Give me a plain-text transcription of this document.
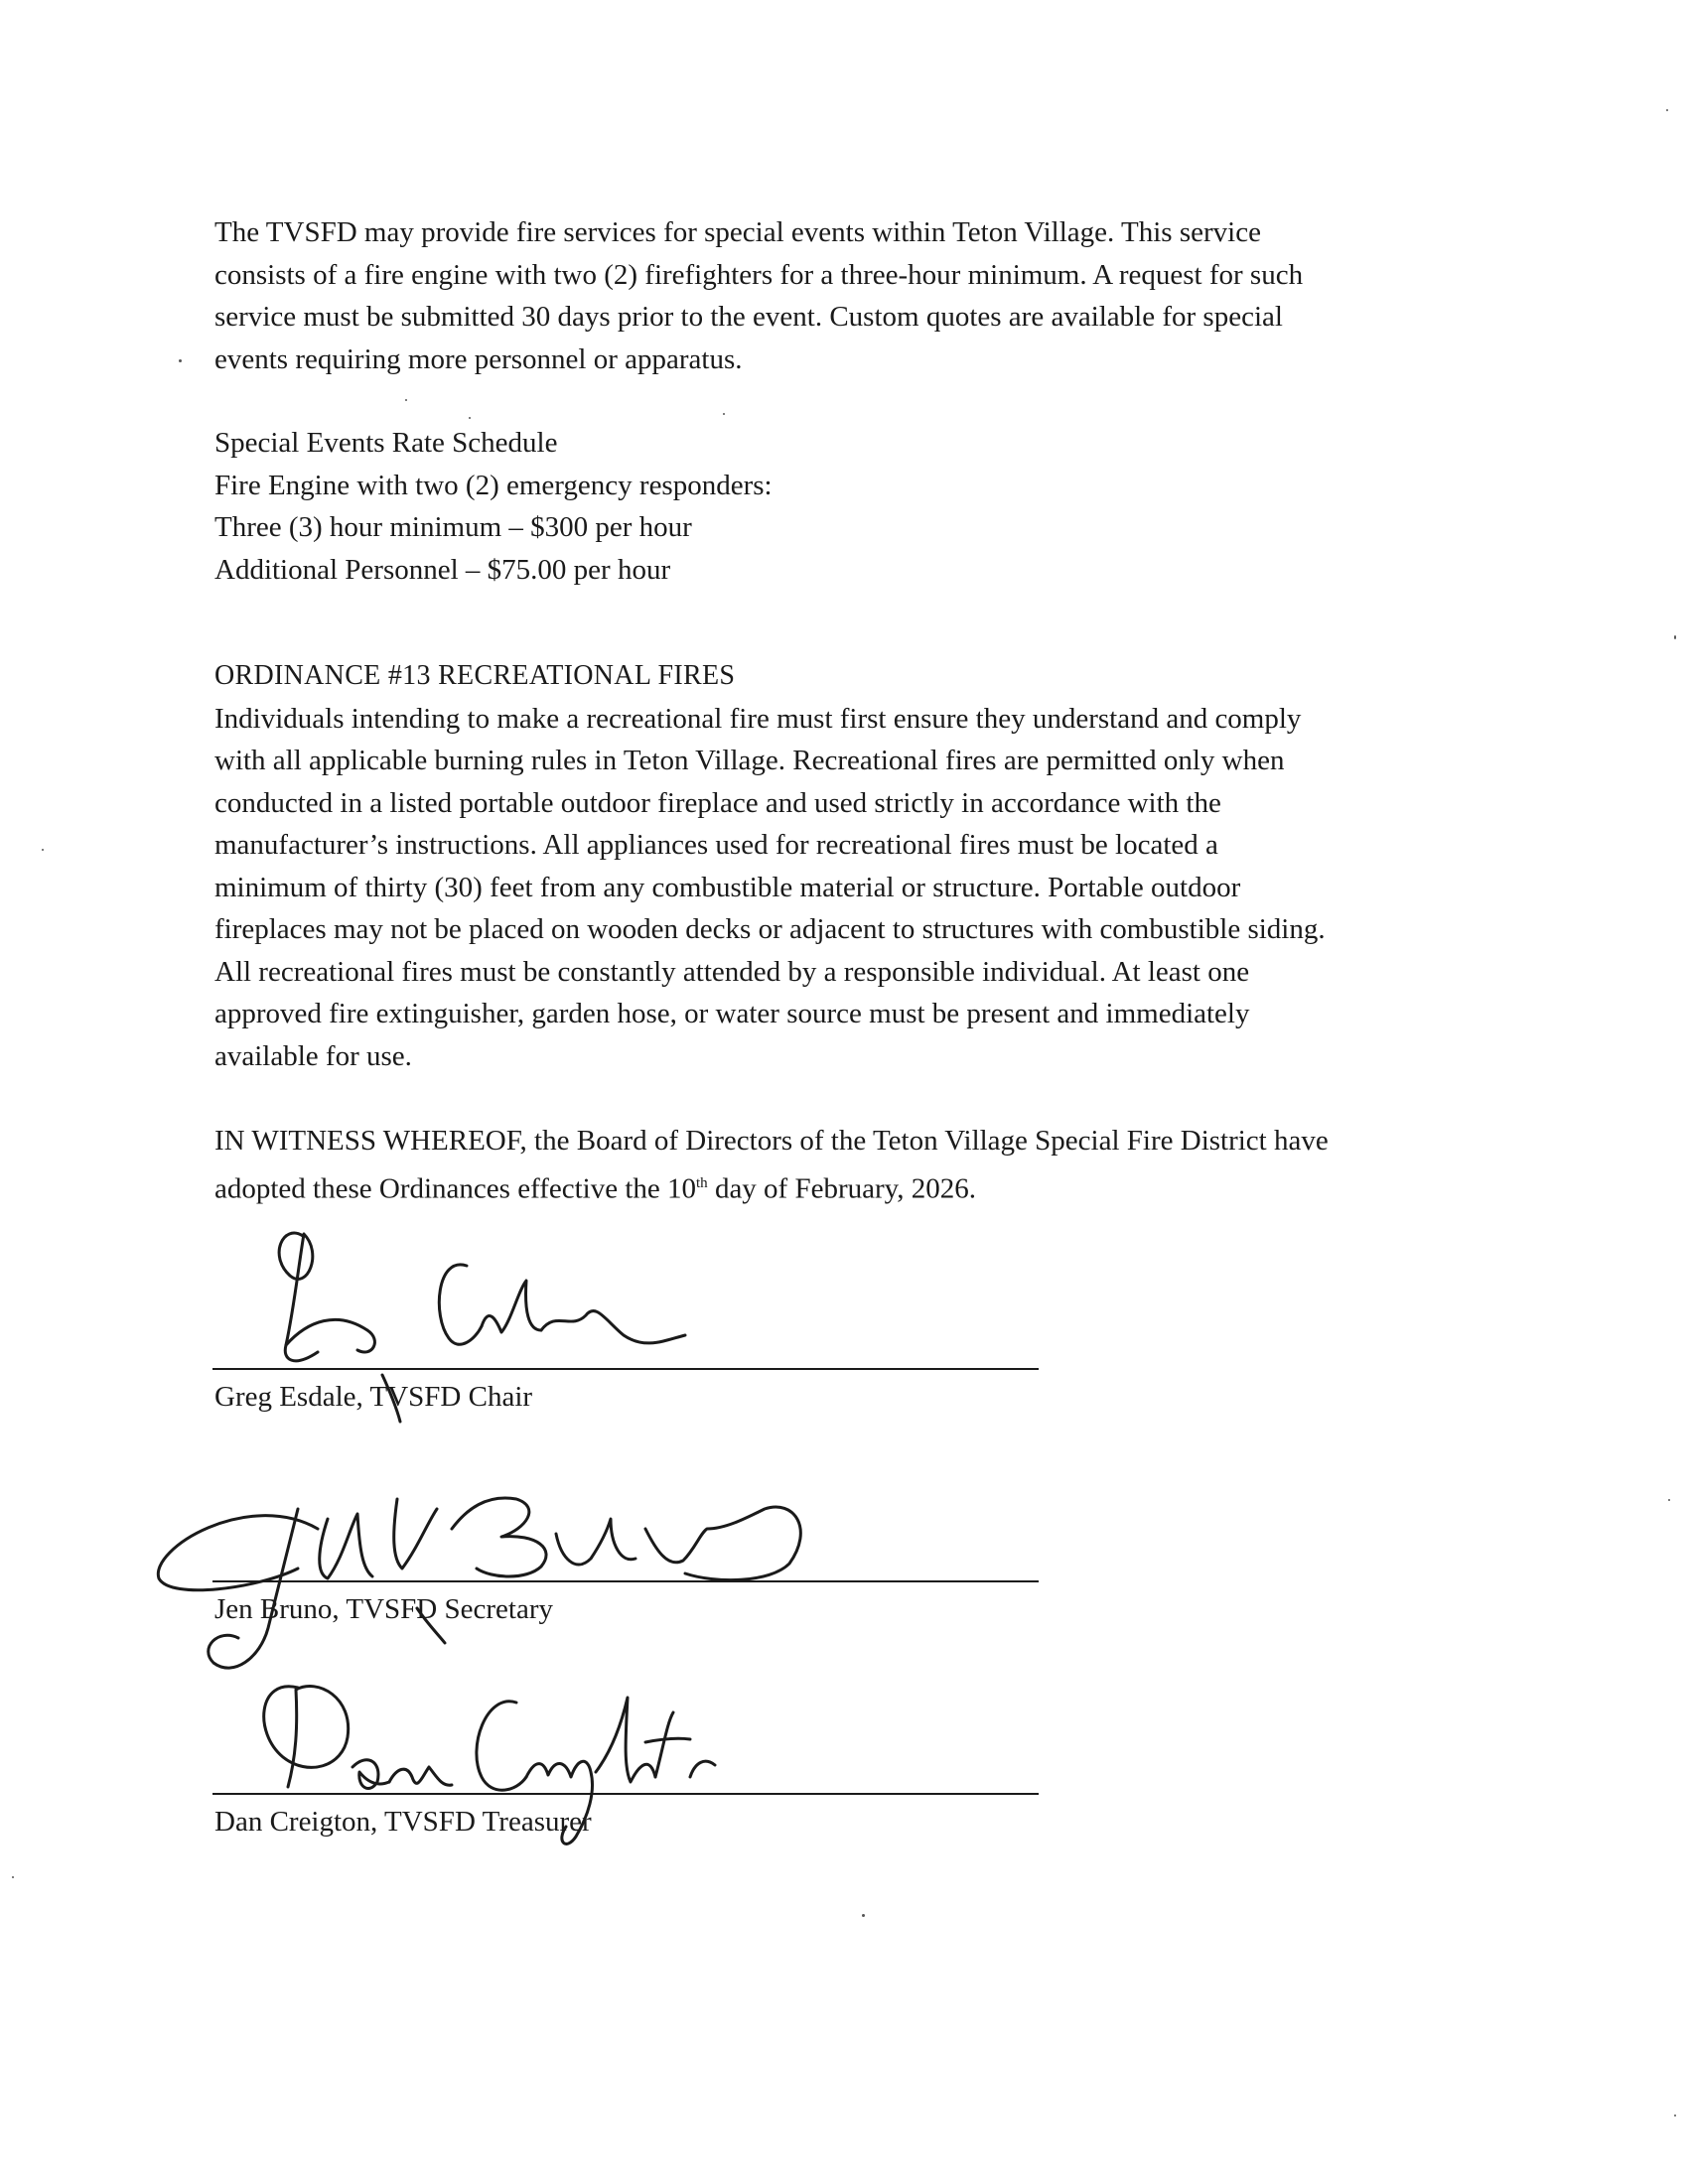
The TVSFD may provide fire services for special events within Teton Village. This service
consists of a fire engine with two (2) firefighters for a three-hour minimum. A request for such
service must be submitted 30 days prior to the event. Custom quotes are available for special
events requiring more personnel or apparatus.
Special Events Rate Schedule
Fire Engine with two (2) emergency responders:
Three (3) hour minimum – $300 per hour
Additional Personnel – $75.00 per hour
ORDINANCE #13 RECREATIONAL FIRES
Individuals intending to make a recreational fire must first ensure they understand and comply
with all applicable burning rules in Teton Village. Recreational fires are permitted only when
conducted in a listed portable outdoor fireplace and used strictly in accordance with the
manufacturer’s instructions. All appliances used for recreational fires must be located a
minimum of thirty (30) feet from any combustible material or structure. Portable outdoor
fireplaces may not be placed on wooden decks or adjacent to structures with combustible siding.
All recreational fires must be constantly attended by a responsible individual. At least one
approved fire extinguisher, garden hose, or water source must be present and immediately
available for use.
IN WITNESS WHEREOF, the Board of Directors of the Teton Village Special Fire District have
adopted these Ordinances effective the 10th day of February, 2026.
Greg Esdale, TVSFD Chair
Jen Bruno, TVSFD Secretary
Dan Creigton, TVSFD Treasurer
